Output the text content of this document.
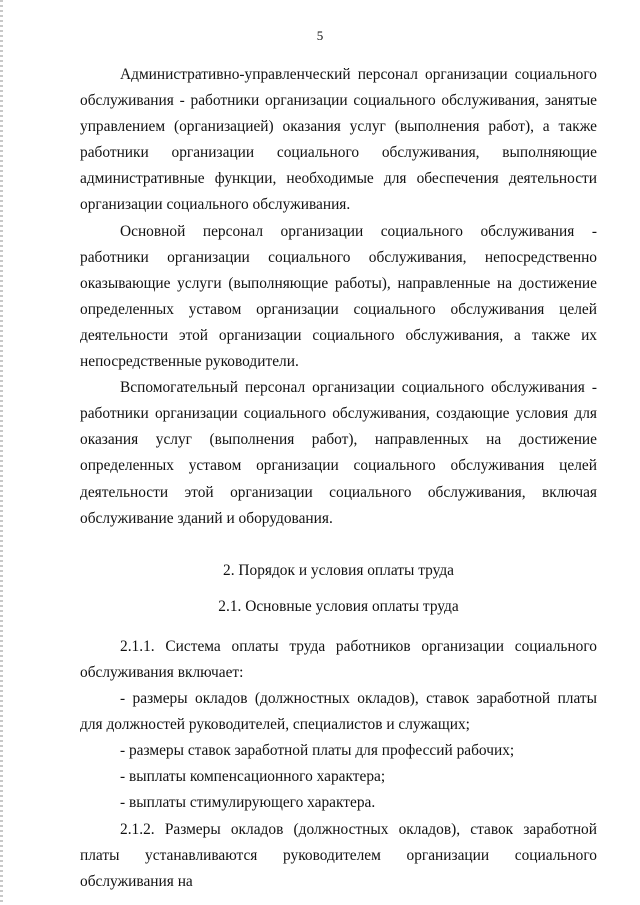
5

Административно-управленческий персонал организации социального обслуживания - работники организации социального обслуживания, занятые управлением (организацией) оказания услуг (выполнения работ), а также работники организации социального обслуживания, выполняющие административные функции, необходимые для обеспечения деятельности организации социального обслуживания.

Основной персонал организации социального обслуживания - работники организации социального обслуживания, непосредственно оказывающие услуги (выполняющие работы), направленные на достижение определенных уставом организации социального обслуживания целей деятельности этой организации социального обслуживания, а также их непосредственные руководители.

Вспомогательный персонал организации социального обслуживания - работники организации социального обслуживания, создающие условия для оказания услуг (выполнения работ), направленных на достижение определенных уставом организации социального обслуживания целей деятельности этой организации социального обслуживания, включая обслуживание зданий и оборудования.

2. Порядок и условия оплаты труда

2.1. Основные условия оплаты труда

2.1.1. Система оплаты труда работников организации социального обслуживания включает:

- размеры окладов (должностных окладов), ставок заработной платы для должностей руководителей, специалистов и служащих;

- размеры ставок заработной платы для профессий рабочих;

- выплаты компенсационного характера;

- выплаты стимулирующего характера.

2.1.2. Размеры окладов (должностных окладов), ставок заработной платы устанавливаются руководителем организации социального обслуживания на
